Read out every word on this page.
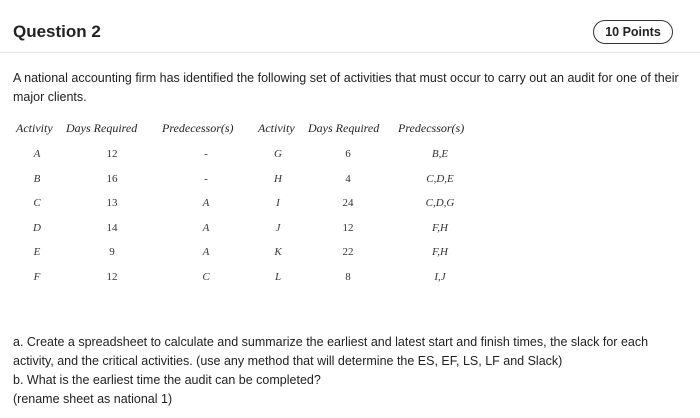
Question 2	10 Points
A national accounting firm has identified the following set of activities that must occur to carry out an audit for one of their major clients.
Activity Days Required Predecessor(s) Activity Days Required Predecssor(s)
A	12	-	G	6	B,E
B	16	-	H	4	C,D,E
C	13	A	I	24	C,D,G
D	14	A	J	12	F,H
E	9	A	K	22	F,H
F	12	C	L	8	I,J

a. Create a spreadsheet to calculate and summarize the earliest and latest start and finish times, the slack for each activity, and the critical activities. (use any method that will determine the ES, EF, LS, LF and Slack)

b. What is the earliest time the audit can be completed?

(rename sheet as national 1)
